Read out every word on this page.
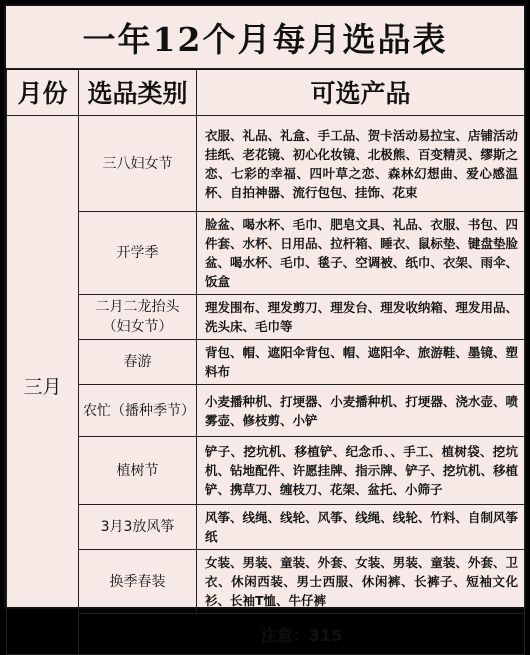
一年12个月每月选品表
月份	选品类别	可选产品
三月	三八妇女节	衣服、礼品、礼盒、手工品、贺卡活动易拉宝、店铺活动挂纸、老花镜、初心化妆镜、北极熊、百变精灵、缪斯之恋、七彩的幸福、四叶草之恋、森林幻想曲、爱心感温杯、自拍神器、流行包包、挂饰、花束
	开学季	脸盆、喝水杯、毛巾、肥皂文具、礼品、衣服、书包、四件套、水杯、日用品、拉杆箱、睡衣、鼠标垫、键盘垫脸盆、喝水杯、毛巾、毯子、空调被、纸巾、衣架、雨伞、饭盒
	二月二龙抬头（妇女节）	理发围布、理发剪刀、理发台、理发收纳箱、理发用品、洗头床、毛巾等
	春游	背包、帽、遮阳伞背包、帽、遮阳伞、旅游鞋、墨镜、塑料布
	农忙（播种季节）	小麦播种机、打埂器、小麦播种机、打埂器、浇水壶、喷雾壶、修枝剪、小铲
	植树节	铲子、挖坑机、移植铲、纪念币、、手工、植树袋、挖坑机、钻地配件、许愿挂牌、指示牌、铲子、挖坑机、移植铲、携草刀、缠枝刀、花架、盆托、小筛子
	3月3放风筝	风筝、线绳、线轮、风筝、线绳、线轮、竹料、自制风筝纸
	换季春装	女装、男装、童装、外套、女装、男装、童装、外套、卫衣、休闲西装、男士西服、休闲裤、长裤子、短袖文化衫、长袖T恤、牛仔裤
	注意：315	
